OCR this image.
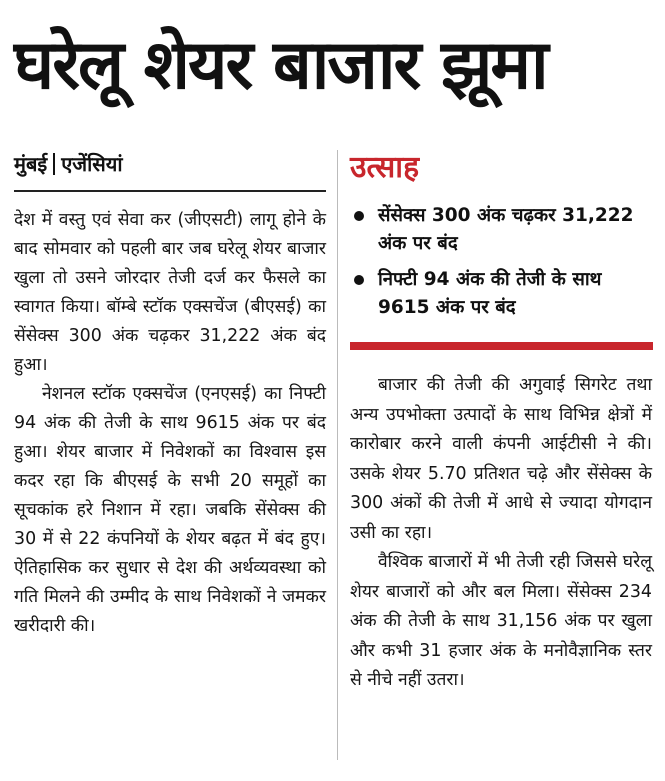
घरेलू शेयर बाजार झूमा
मुंबई एजेंसियां

देश में वस्तु एवं सेवा कर (जीएसटी) लागू होने के बाद सोमवार को पहली बार जब घरेलू शेयर बाजार खुला तो उसने जोरदार तेजी दर्ज कर फैसले का स्वागत किया। बॉम्बे स्टॉक एक्सचेंज (बीएसई) का सेंसेक्स 300 अंक चढ़कर 31,222 अंक बंद हुआ।

नेशनल स्टॉक एक्सचेंज (एनएसई) का निफ्टी 94 अंक की तेजी के साथ 9615 अंक पर बंद हुआ। शेयर बाजार में निवेशकों का विश्वास इस कदर रहा कि बीएसई के सभी 20 समूहों का सूचकांक हरे निशान में रहा। जबकि सेंसेक्स की 30 में से 22 कंपनियों के शेयर बढ़त में बंद हुए। ऐतिहासिक कर सुधार से देश की अर्थव्यवस्था को गति मिलने की उम्मीद के साथ निवेशकों ने जमकर खरीदारी की।

उत्साह
सेंसेक्स 300 अंक चढ़कर 31,222 अंक पर बंद
निफ्टी 94 अंक की तेजी के साथ 9615 अंक पर बंद

बाजार की तेजी की अगुवाई सिगरेट तथा अन्य उपभोक्ता उत्पादों के साथ विभिन्न क्षेत्रों में कारोबार करने वाली कंपनी आईटीसी ने की। उसके शेयर 5.70 प्रतिशत चढ़े और सेंसेक्स के 300 अंकों की तेजी में आधे से ज्यादा योगदान उसी का रहा।

वैश्विक बाजारों में भी तेजी रही जिससे घरेलू शेयर बाजारों को और बल मिला। सेंसेक्स 234 अंक की तेजी के साथ 31,156 अंक पर खुला और कभी 31 हजार अंक के मनोवैज्ञानिक स्तर से नीचे नहीं उतरा।
